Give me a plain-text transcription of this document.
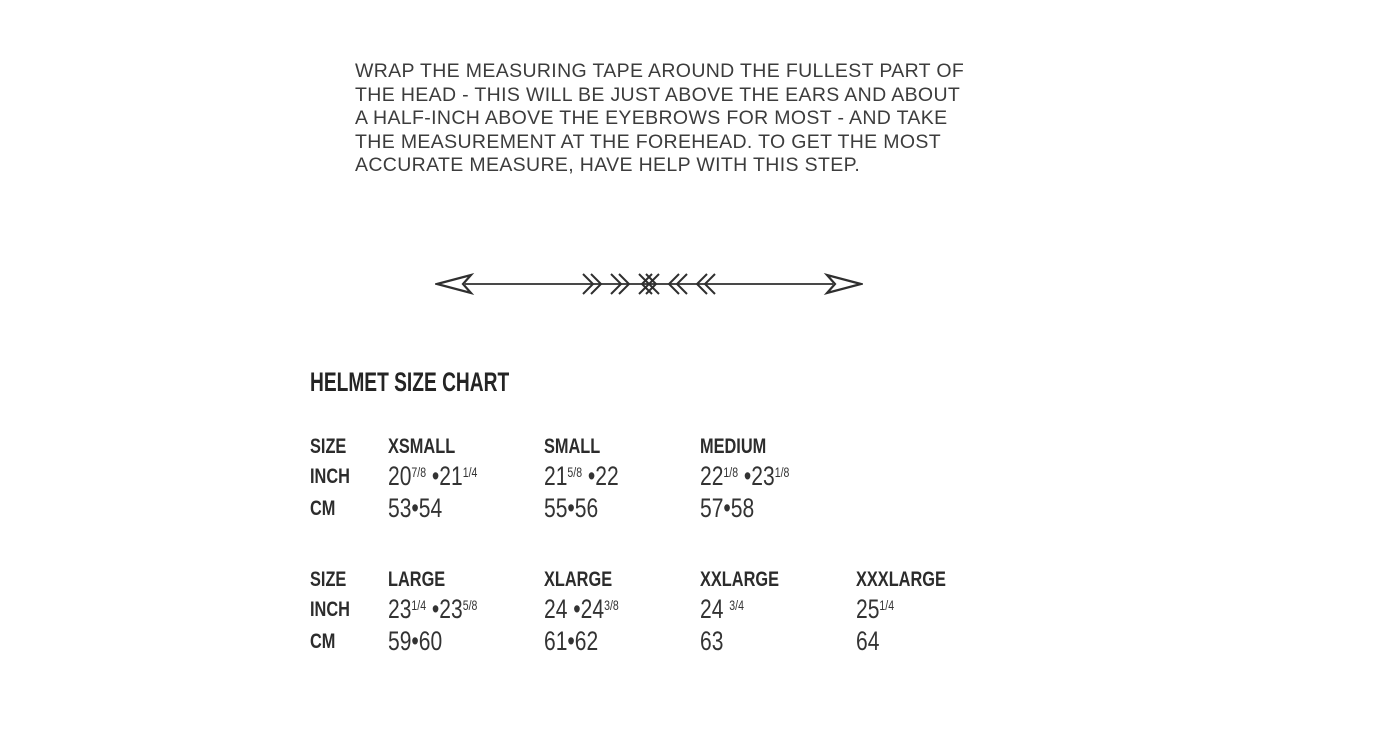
WRAP THE MEASURING TAPE AROUND THE FULLEST PART OF
THE HEAD - THIS WILL BE JUST ABOVE THE EARS AND ABOUT
A HALF-INCH ABOVE THE EYEBROWS FOR MOST - AND TAKE
THE MEASUREMENT AT THE FOREHEAD. TO GET THE MOST
ACCURATE MEASURE, HAVE HELP WITH THIS STEP.
HELMET SIZE CHART
SIZE	XSMALL	SMALL	MEDIUM
INCH	$20^{7/8}$ $•21^{1/4}$	$21^{5/8}$ •22	$22^{1/8}$ $•23^{1/8}$
CM 53•54	55•56	57•58
SIZE	LARGE	XLARGE	XXLARGE	XXXLARGE
INCH	$23^{1/4}$ $•23^{5/8}$	24 $•24^{3/8}$	24 $^{3/4}$	$25^{1/4}$
CM 59•60	61•62	63	64
